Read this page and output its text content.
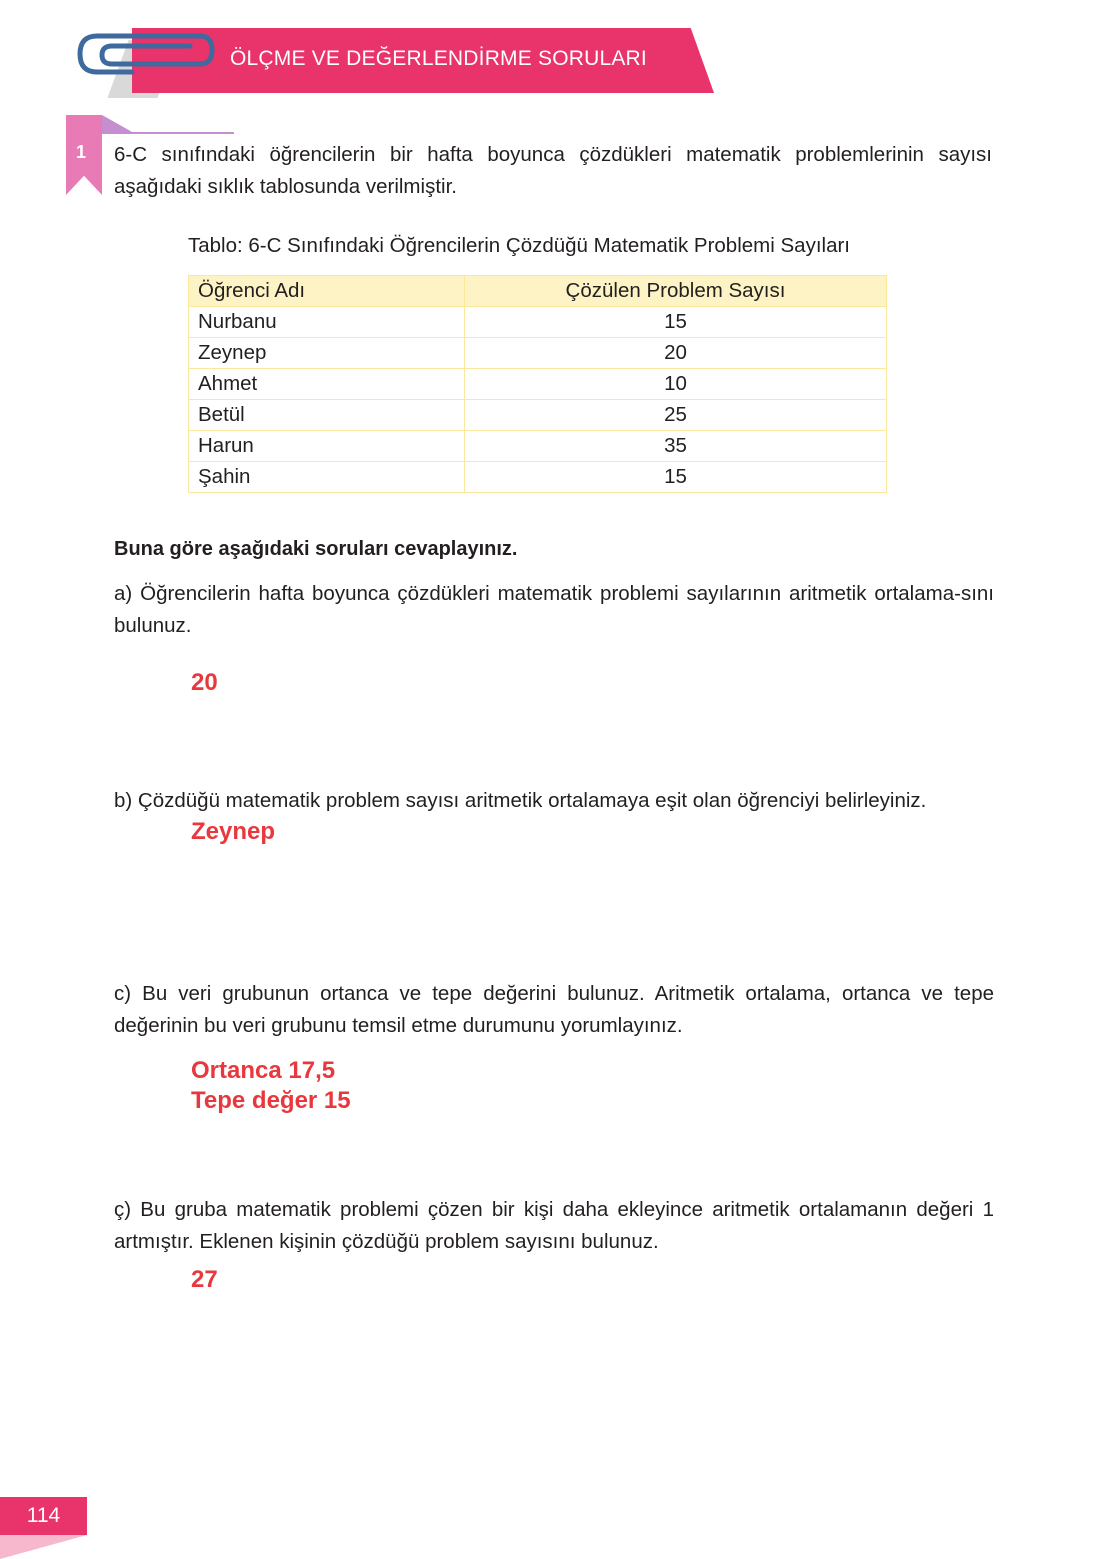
ÖLÇME VE DEĞERLENDİRME SORULARI
1 6-C sınıfındaki öğrencilerin bir hafta boyunca çözdükleri matematik problemlerinin sayısı aşağıdaki sıklık tablosunda verilmiştir.
Tablo: 6-C Sınıfındaki Öğrencilerin Çözdüğü Matematik Problemi Sayıları
Öğrenci Adı	Çözülen Problem Sayısı
Nurbanu	15
Zeynep	20
Ahmet	10
Betül	25
Harun	35
Şahin	15
Buna göre aşağıdaki soruları cevaplayınız.
a) Öğrencilerin hafta boyunca çözdükleri matematik problemi sayılarının aritmetik ortalama-sını bulunuz.
20
b) Çözdüğü matematik problem sayısı aritmetik ortalamaya eşit olan öğrenciyi belirleyiniz.
Zeynep
c) Bu veri grubunun ortanca ve tepe değerini bulunuz. Aritmetik ortalama, ortanca ve tepe değerinin bu veri grubunu temsil etme durumunu yorumlayınız.
Ortanca 17,5
Tepe değer 15
ç) Bu gruba matematik problemi çözen bir kişi daha ekleyince aritmetik ortalamanın değeri 1 artmıştır. Eklenen kişinin çözdüğü problem sayısını bulunuz.
27
114
